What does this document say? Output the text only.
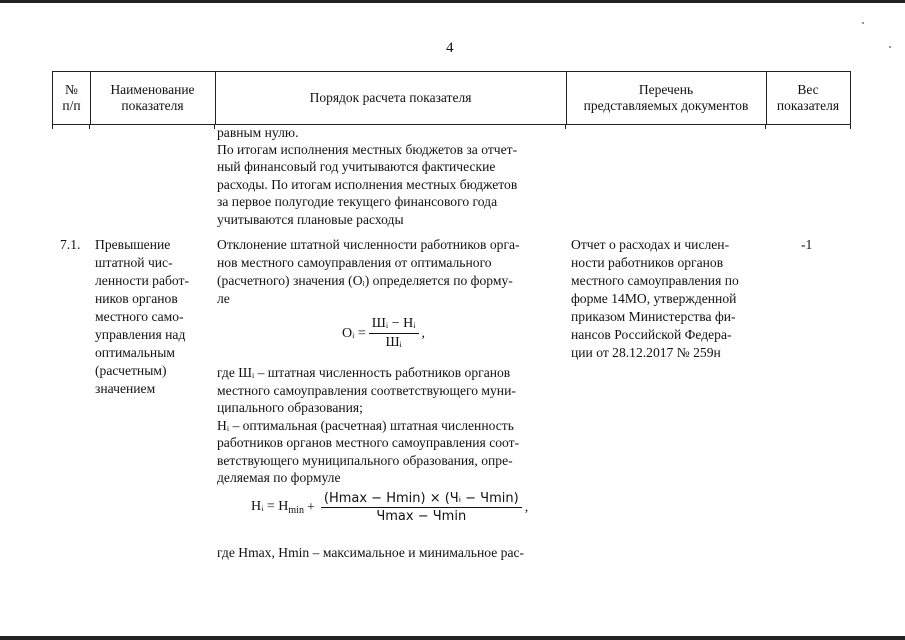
4
№
п/п
Наименование
показателя
Порядок расчета показателя
Перечень
представляемых документов
Вес
показателя
равным нулю.
По итогам исполнения местных бюджетов за отчет-
ный финансовый год учитываются фактические
расходы. По итогам исполнения местных бюджетов
за первое полугодие текущего финансового года
учитываются плановые расходы
7.1. Превышение
штатной чис-
ленности работ-
ников органов
местного само-
управления над
оптимальным
(расчетным)
значением
Отклонение штатной численности работников орга-
нов местного самоуправления от оптимального
(расчетного) значения (Oᵢ) определяется по форму-
ле
Oᵢ = $\frac{\text{Шᵢ − Нᵢ}}{\text{Шᵢ}}$ ,
где Шᵢ – штатная численность работников органов
местного самоуправления соответствующего муни-
ципального образования;
Нᵢ – оптимальная (расчетная) штатная численность
работников органов местного самоуправления соот-
ветствующего муниципального образования, опре-
деляемая по формуле
Нᵢ = $Н_{min} + \frac{\text{(Нmax − Нmin) × (Чᵢ − Чmin)}}{Ч\max - Ч\min}$ ,
где Нmax, Нmin – максимальное и минимальное рас-
Отчет о расходах и числен-
ности работников органов
местного самоуправления по
форме 14МО, утвержденной
приказом Министерства фи-
нансов Российской Федера-
ции от 28.12.2017 № 259н
-1
